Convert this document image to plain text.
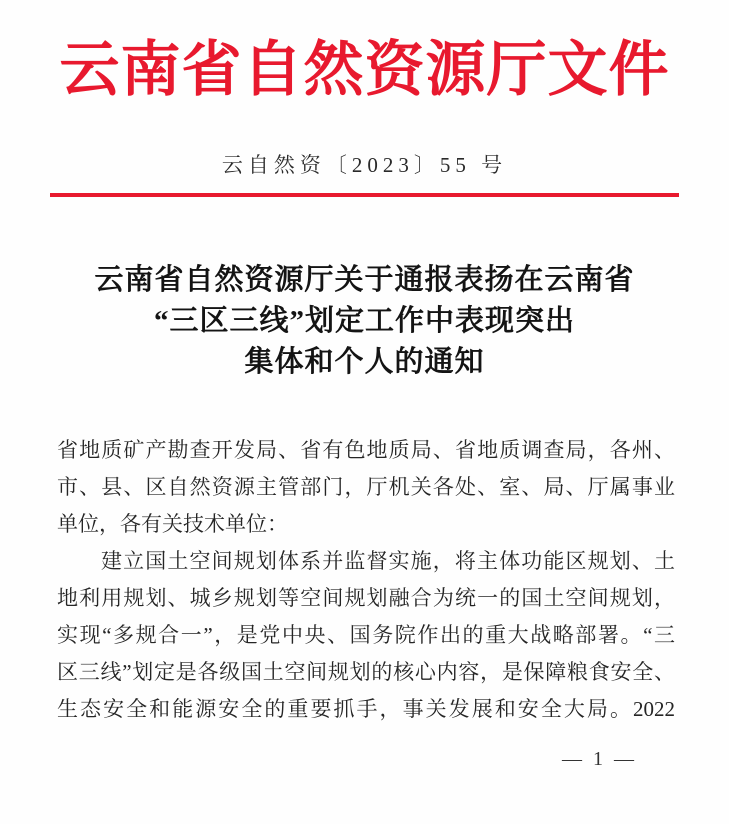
云南省自然资源厅文件
云自然资〔2023〕55 号
云南省自然资源厅关于通报表扬在云南省
“三区三线”划定工作中表现突出
集体和个人的通知
省地质矿产勘查开发局、省有色地质局、省地质调查局，各州、
市、县、区自然资源主管部门，厅机关各处、室、局、厅属事业
单位，各有关技术单位：
建立国土空间规划体系并监督实施，将主体功能区规划、土
地利用规划、城乡规划等空间规划融合为统一的国土空间规划，
实现“多规合一”，是党中央、国务院作出的重大战略部署。“三
区三线”划定是各级国土空间规划的核心内容，是保障粮食安全、
生态安全和能源安全的重要抓手，事关发展和安全大局。2022
— 1 —
